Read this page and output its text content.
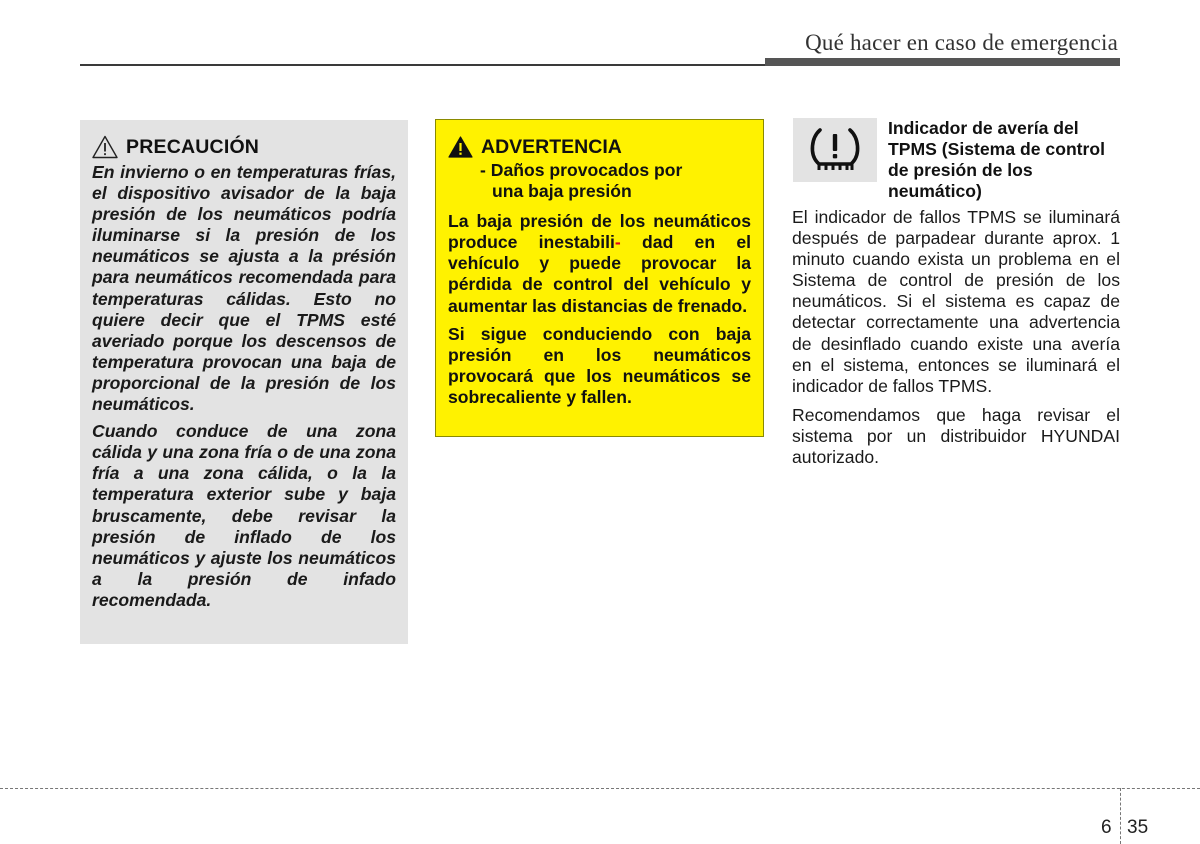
Qué hacer en caso de emergencia
PRECAUCIÓN

En invierno o en temperaturas frías, el dispositivo avisador de la baja presión de los neumáticos podría iluminarse si la presión de los neumáticos se ajusta a la présión para neumáticos recomendada para temperaturas cálidas. Esto no quiere decir que el TPMS esté averiado porque los descensos de temperatura provocan una baja de proporcional de la presión de los neumáticos.

Cuando conduce de una zona cálida y una zona fría o de una zona fría a una zona cálida, o la la temperatura exterior sube y baja bruscamente, debe revisar la presión de inflado de los neumáticos y ajuste los neumáticos a la presión de infado recomendada.

ADVERTENCIA

- Daños provocados por
una baja presión

La baja presión de los neumáticos produce inestabili- dad en el vehículo y puede provocar la pérdida de control del vehículo y aumentar las distancias de frenado.

Si sigue conduciendo con baja presión en los neumáticos provocará que los neumáticos se sobrecaliente y fallen.

Indicador de avería del TPMS (Sistema de control de presión de los neumático)

El indicador de fallos TPMS se iluminará después de parpadear durante aprox. 1 minuto cuando exista un problema en el Sistema de control de presión de los neumáticos. Si el sistema es capaz de detectar correctamente una advertencia de desinflado cuando existe una avería en el sistema, entonces se iluminará el indicador de fallos TPMS.

Recomendamos que haga revisar el sistema por un distribuidor HYUNDAI autorizado.

6 35
